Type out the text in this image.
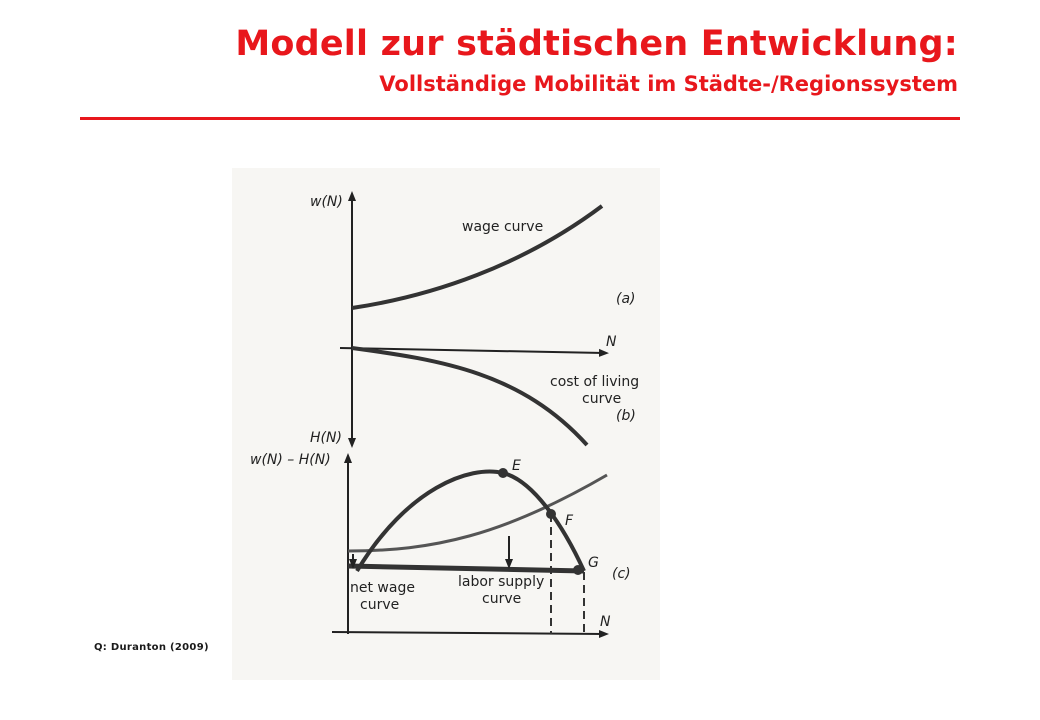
Modell zur städtischen Entwicklung:
Vollständige Mobilität im Städte-/Regionssystem
w(N)
N
wage curve
(a)
cost of living
curve
(b)
H(N)
w(N) – H(N)
N
(c)
E
F
G
net wage
curve
labor supply
curve
Q: Duranton (2009)
